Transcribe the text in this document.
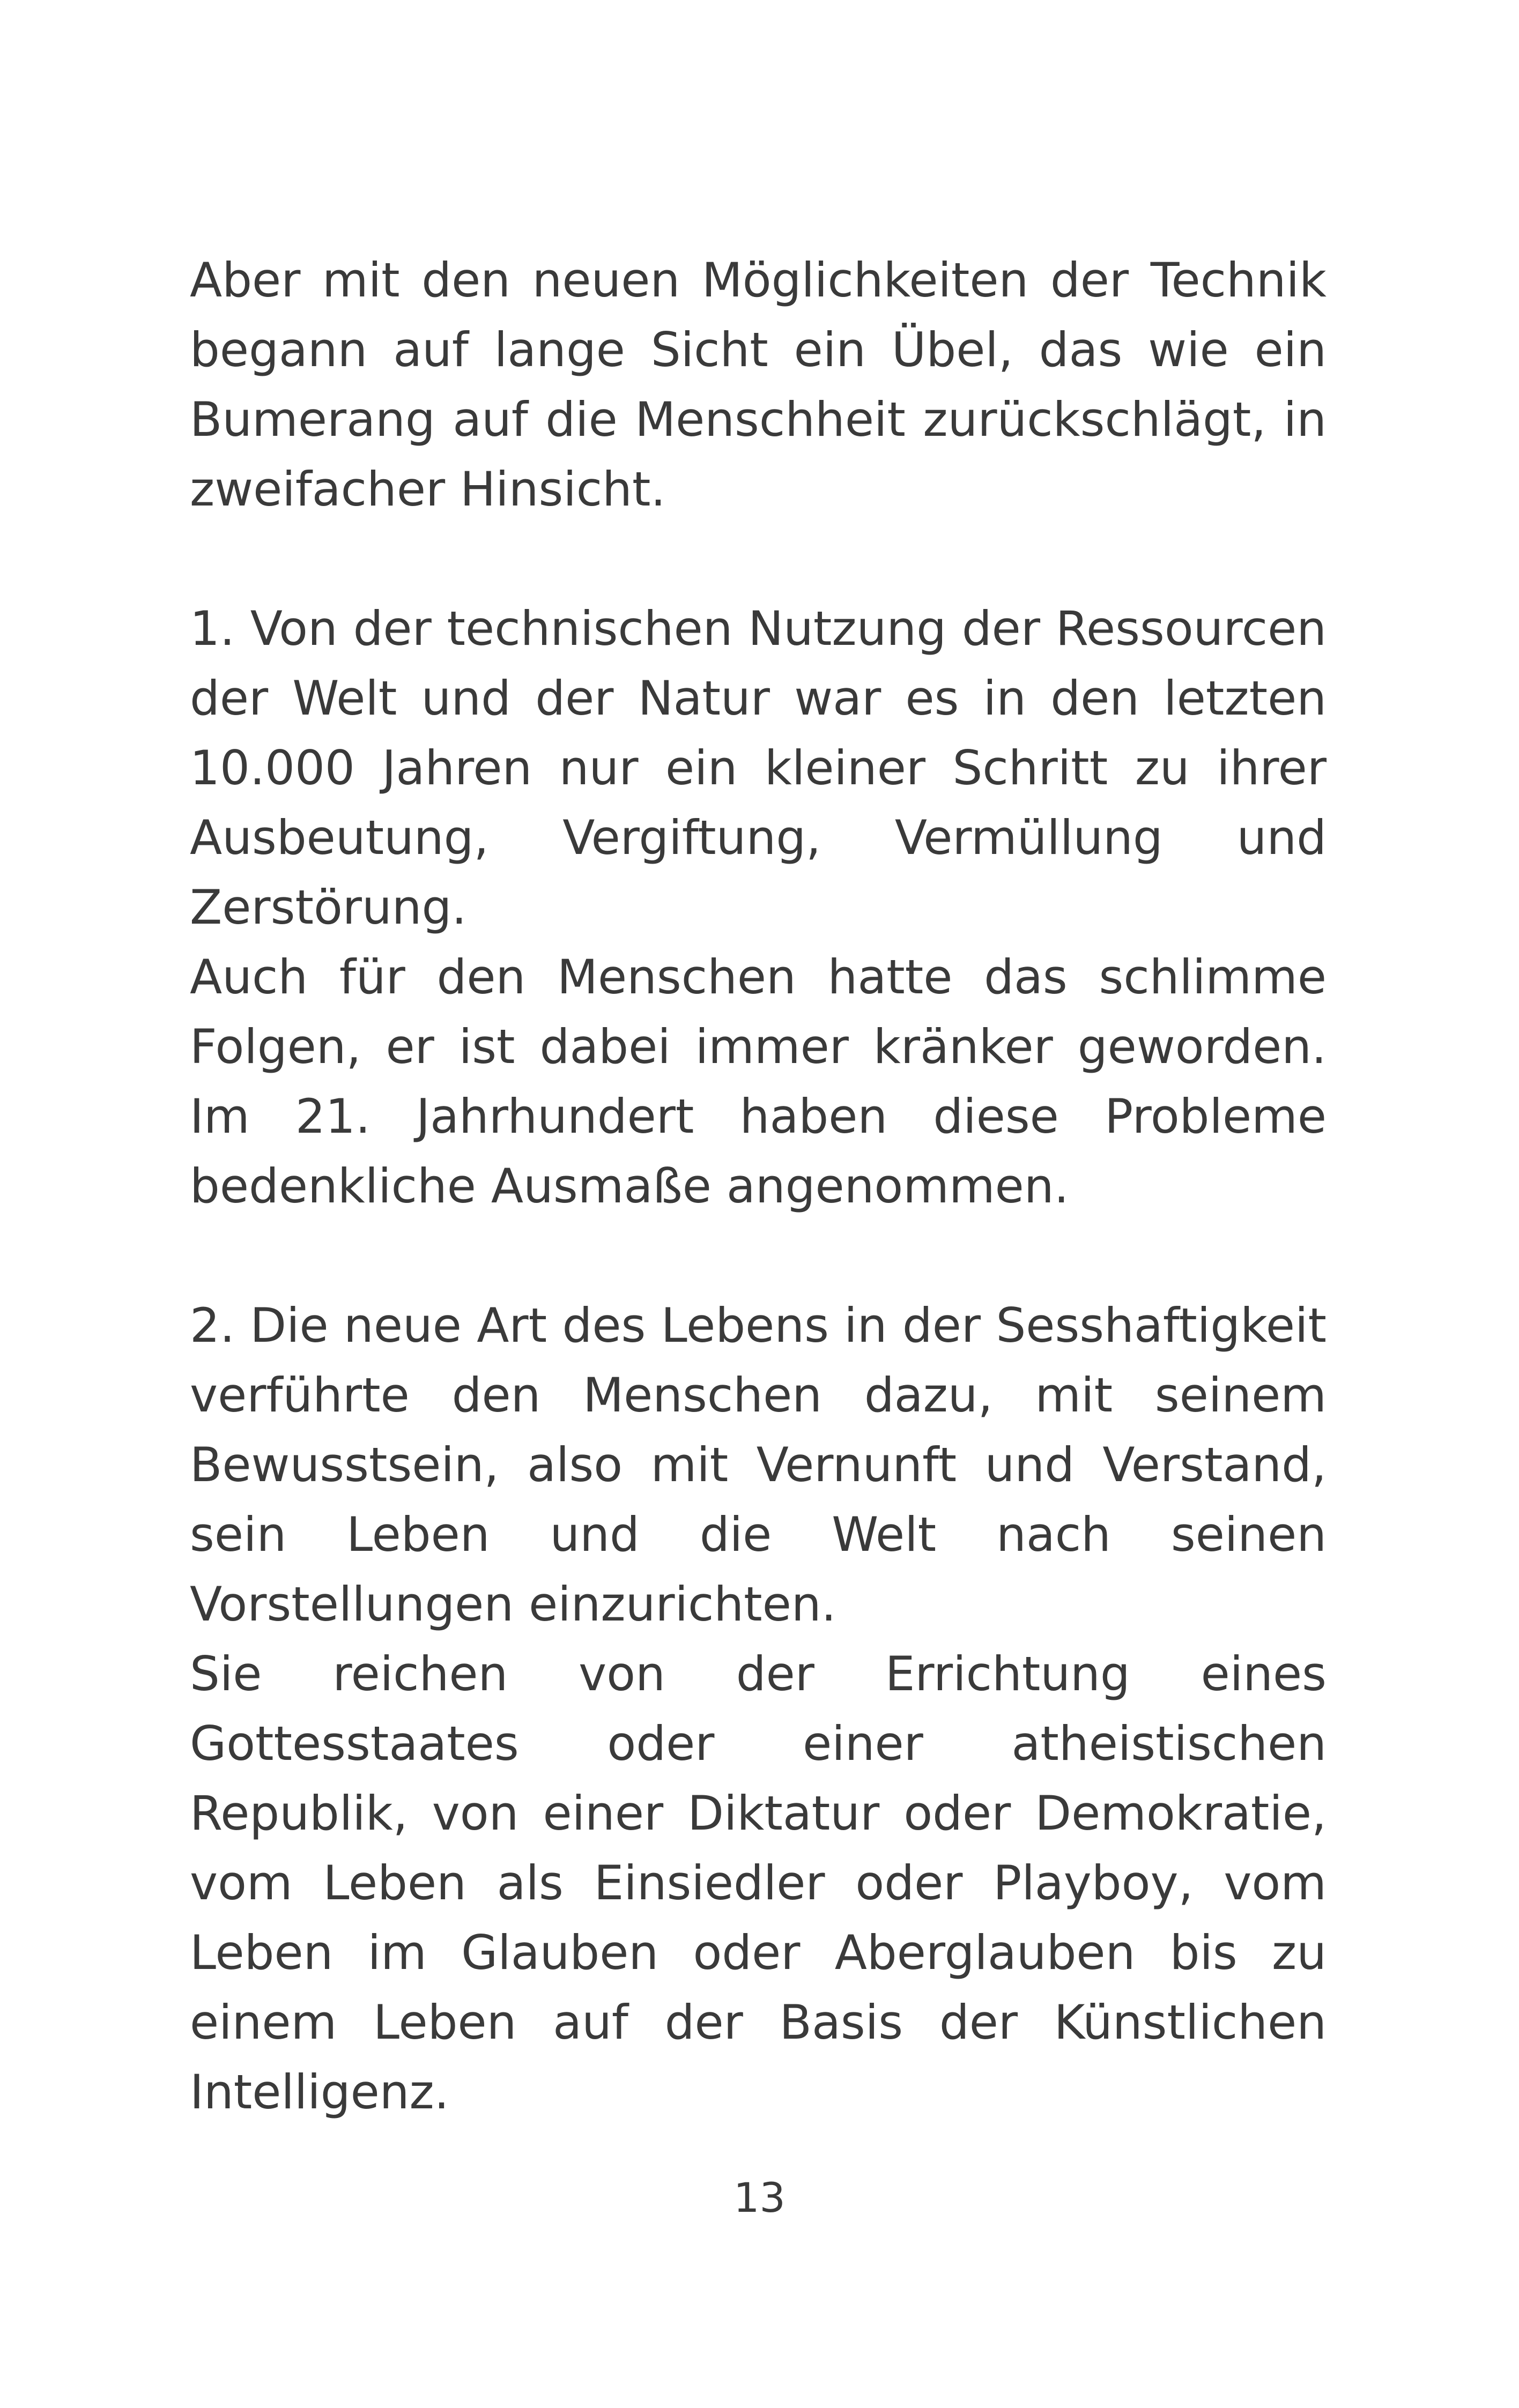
Aber mit den neuen Möglichkeiten der Technik begann auf lange Sicht ein Übel, das wie ein Bumerang auf die Menschheit zurückschlägt, in zweifacher Hinsicht.

1. Von der technischen Nutzung der Ressourcen der Welt und der Natur war es in den letzten 10.000 Jahren nur ein kleiner Schritt zu ihrer Ausbeutung, Vergiftung, Vermüllung und Zerstörung.

Auch für den Menschen hatte das schlimme Folgen, er ist dabei immer kränker geworden. Im 21. Jahrhundert haben diese Probleme bedenkliche Ausmaße angenommen.

2. Die neue Art des Lebens in der Sesshaftigkeit verführte den Menschen dazu, mit seinem Bewusstsein, also mit Vernunft und Verstand, sein Leben und die Welt nach seinen Vorstellungen einzurichten.

Sie reichen von der Errichtung eines Gottesstaates oder einer atheistischen Republik, von einer Diktatur oder Demokratie, vom Leben als Einsiedler oder Playboy, vom Leben im Glauben oder Aberglauben bis zu einem Leben auf der Basis der Künstlichen Intelligenz.

13
